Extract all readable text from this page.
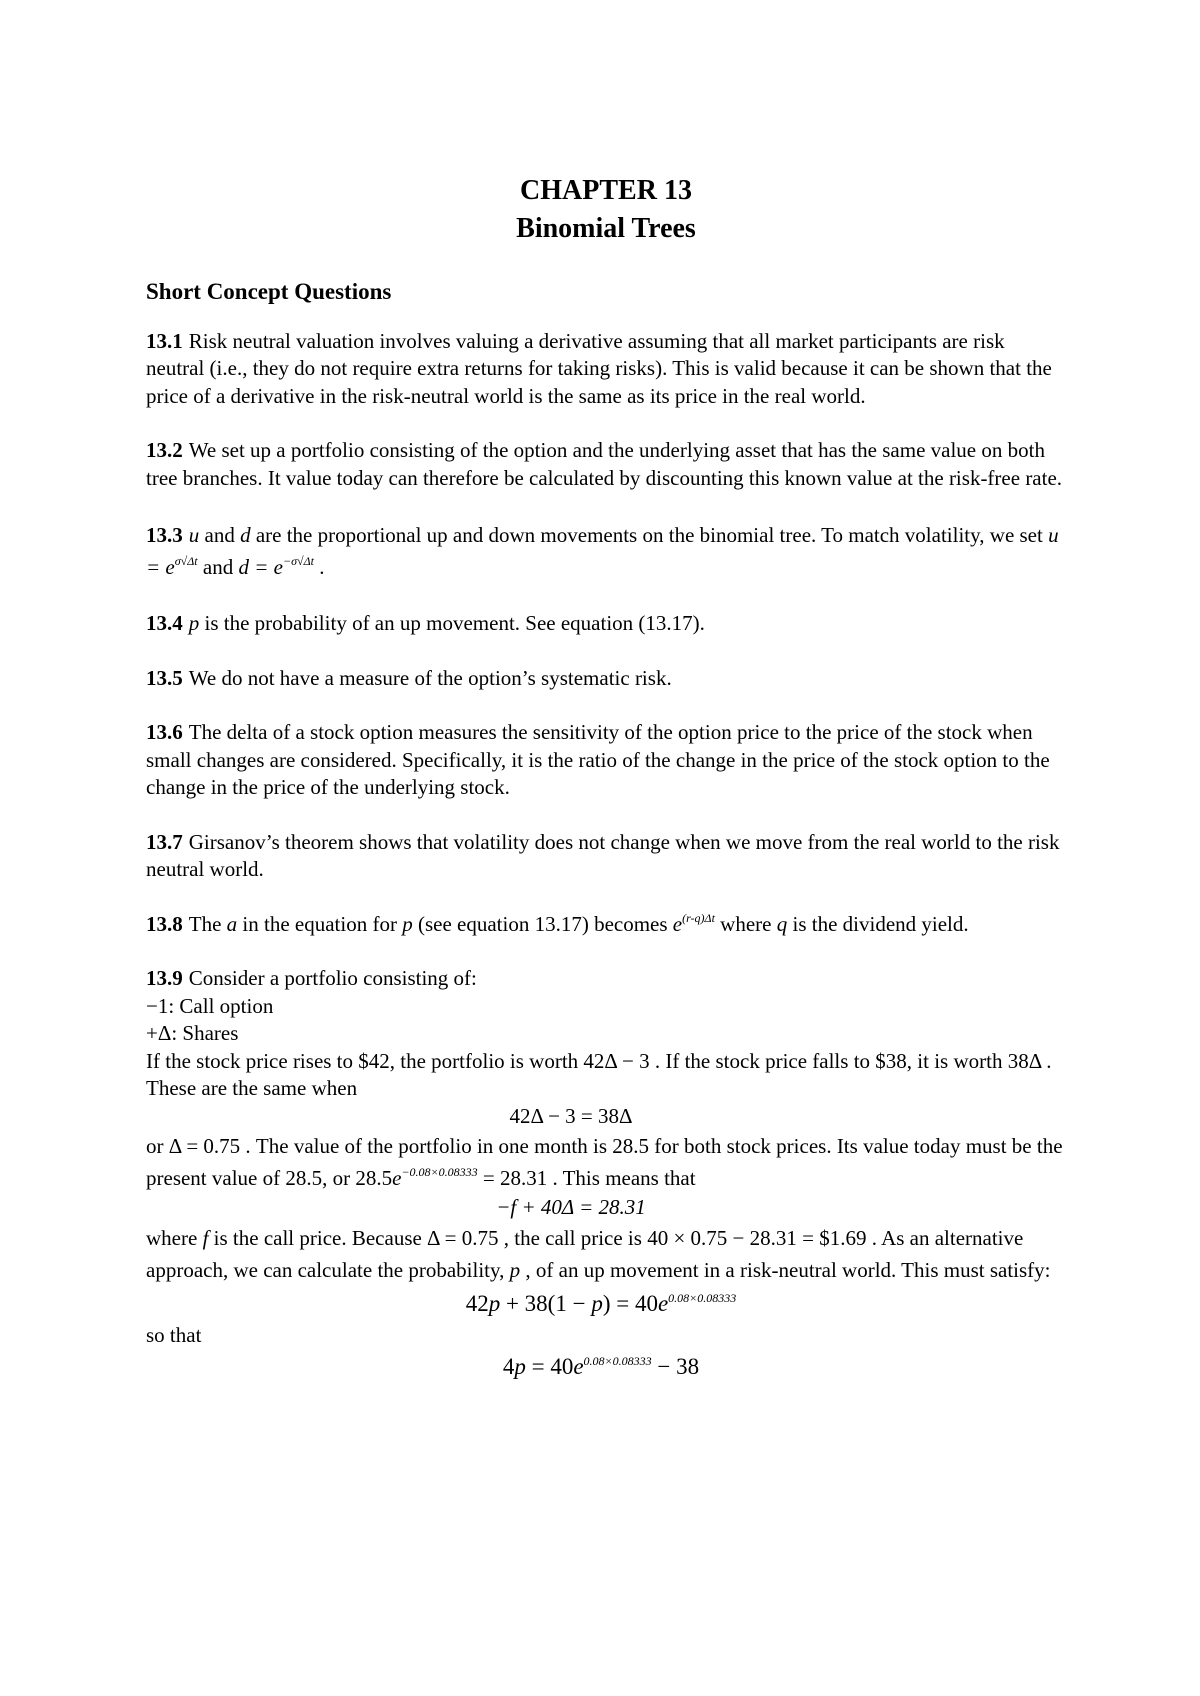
CHAPTER 13
Binomial Trees
Short Concept Questions

13.1 Risk neutral valuation involves valuing a derivative assuming that all market participants are risk neutral (i.e., they do not require extra returns for taking risks). This is valid because it can be shown that the price of a derivative in the risk-neutral world is the same as its price in the real world.

13.2 We set up a portfolio consisting of the option and the underlying asset that has the same value on both tree branches. It value today can therefore be calculated by discounting this known value at the risk-free rate.

13.3 u and d are the proportional up and down movements on the binomial tree. To match volatility, we set $u = e^{\sigma√\Delta t}$ and $d = e^{-\sigma√\Delta t}$ .

13.4 p is the probability of an up movement. See equation (13.17).

13.5 We do not have a measure of the option’s systematic risk.

13.6 The delta of a stock option measures the sensitivity of the option price to the price of the stock when small changes are considered. Specifically, it is the ratio of the change in the price of the stock option to the change in the price of the underlying stock.

13.7 Girsanov’s theorem shows that volatility does not change when we move from the real world to the risk neutral world.

13.8 The a in the equation for p (see equation 13.17) becomes $e^{(r-q)\Delta t}$ where q is the dividend yield.

13.9 Consider a portfolio consisting of:
−1: Call option
+Δ: Shares
If the stock price rises to $42, the portfolio is worth 42Δ − 3 . If the stock price falls to $38, it is worth 38Δ . These are the same when
42Δ − 3 = 38Δ
or Δ = 0.75 . The value of the portfolio in one month is 28.5 for both stock prices. Its value today must be the present value of 28.5, or $28.5e^{-0.08\times 0.08333} = 28.31$ . This means that
−f + 40Δ = 28.31
where f is the call price. Because Δ = 0.75 , the call price is 40 × 0.75 − 28.31 = $1.69 . As an alternative approach, we can calculate the probability, p , of an up movement in a risk-neutral world. This must satisfy:
$42p + 38(1 - p) = 40e^{0.08\times 0.08333}$
so that
$4p = 40e^{0.08\times 0.08333} - 38$
